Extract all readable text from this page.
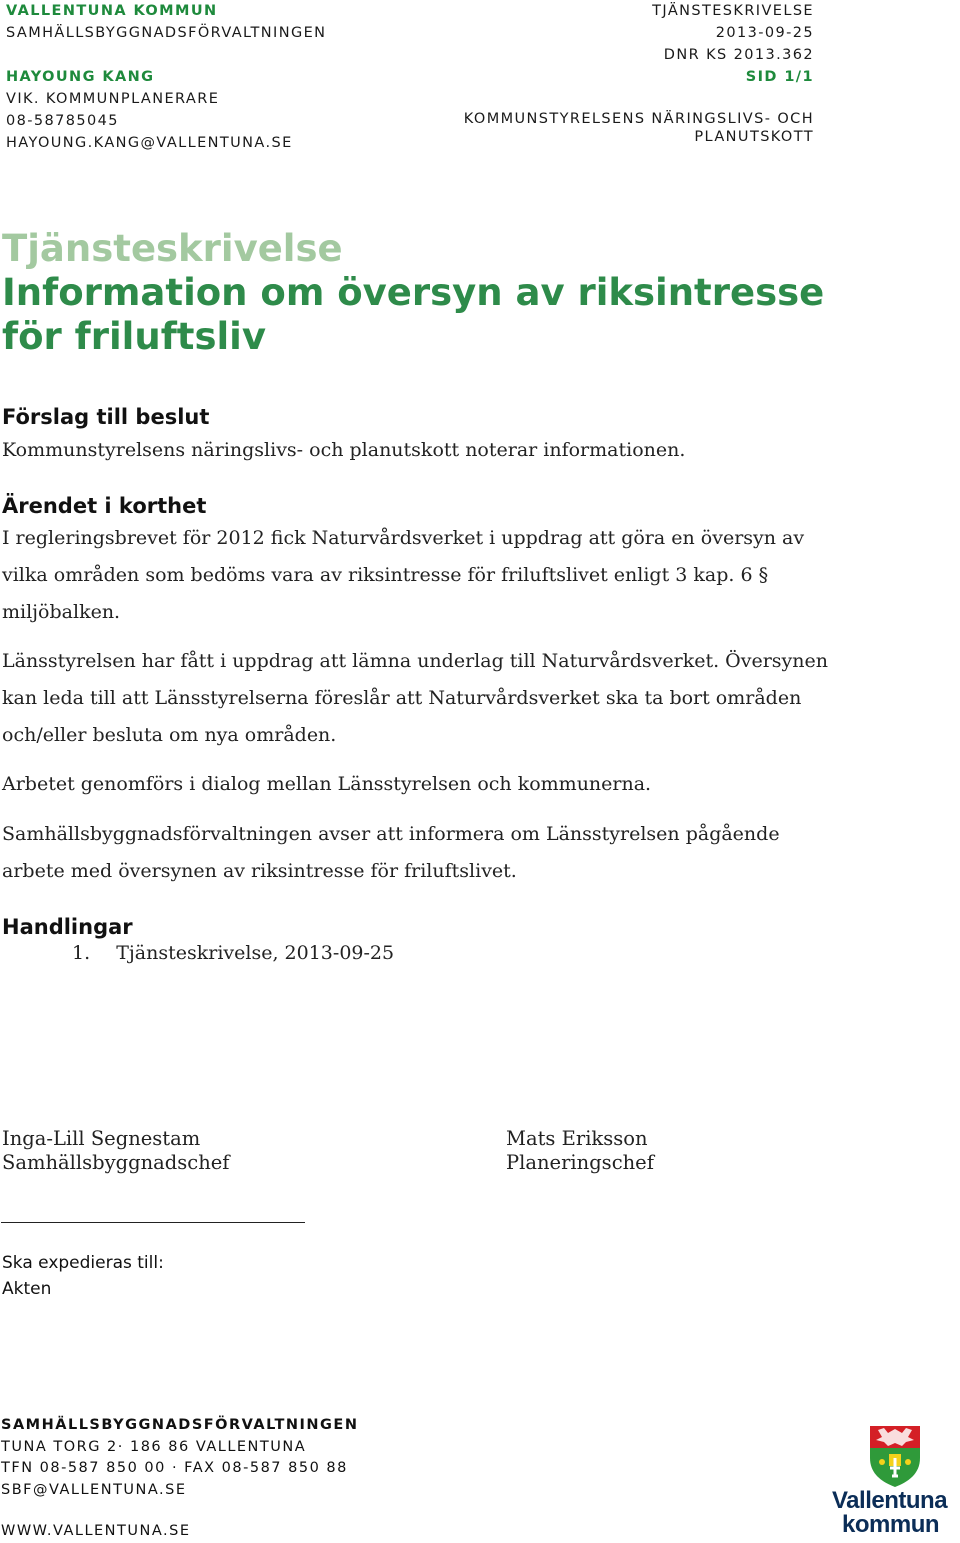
VALLENTUNA KOMMUN
SAMHÄLLSBYGGNADSFÖRVALTNINGEN
HAYOUNG KANG
VIK. KOMMUNPLANERARE
08-58785045
HAYOUNG.KANG@VALLENTUNA.SE
TJÄNSTESKRIVELSE
2013-09-25
DNR KS 2013.362
SID 1/1
KOMMUNSTYRELSENS NÄRINGSLIVS- OCH
PLANUTSKOTT
Tjänsteskrivelse
Information om översyn av riksintresse
för friluftsliv
Förslag till beslut
Kommunstyrelsens näringslivs- och planutskott noterar informationen.
Ärendet i korthet
I regleringsbrevet för 2012 fick Naturvårdsverket i uppdrag att göra en översyn av
vilka områden som bedöms vara av riksintresse för friluftslivet enligt 3 kap. 6 §
miljöbalken.
Länsstyrelsen har fått i uppdrag att lämna underlag till Naturvårdsverket. Översynen
kan leda till att Länsstyrelserna föreslår att Naturvårdsverket ska ta bort områden
och/eller besluta om nya områden.
Arbetet genomförs i dialog mellan Länsstyrelsen och kommunerna.
Samhällsbyggnadsförvaltningen avser att informera om Länsstyrelsen pågående
arbete med översynen av riksintresse för friluftslivet.
Handlingar
1. Tjänsteskrivelse, 2013-09-25
Inga-Lill Segnestam
Samhällsbyggnadschef
Mats Eriksson
Planeringschef
Ska expedieras till:
Akten
SAMHÄLLSBYGGNADSFÖRVALTNINGEN
TUNA TORG 2· 186 86 VALLENTUNA
TFN 08-587 850 00 · FAX 08-587 850 88
SBF@VALLENTUNA.SE
WWW.VALLENTUNA.SE
Vallentuna
kommun
